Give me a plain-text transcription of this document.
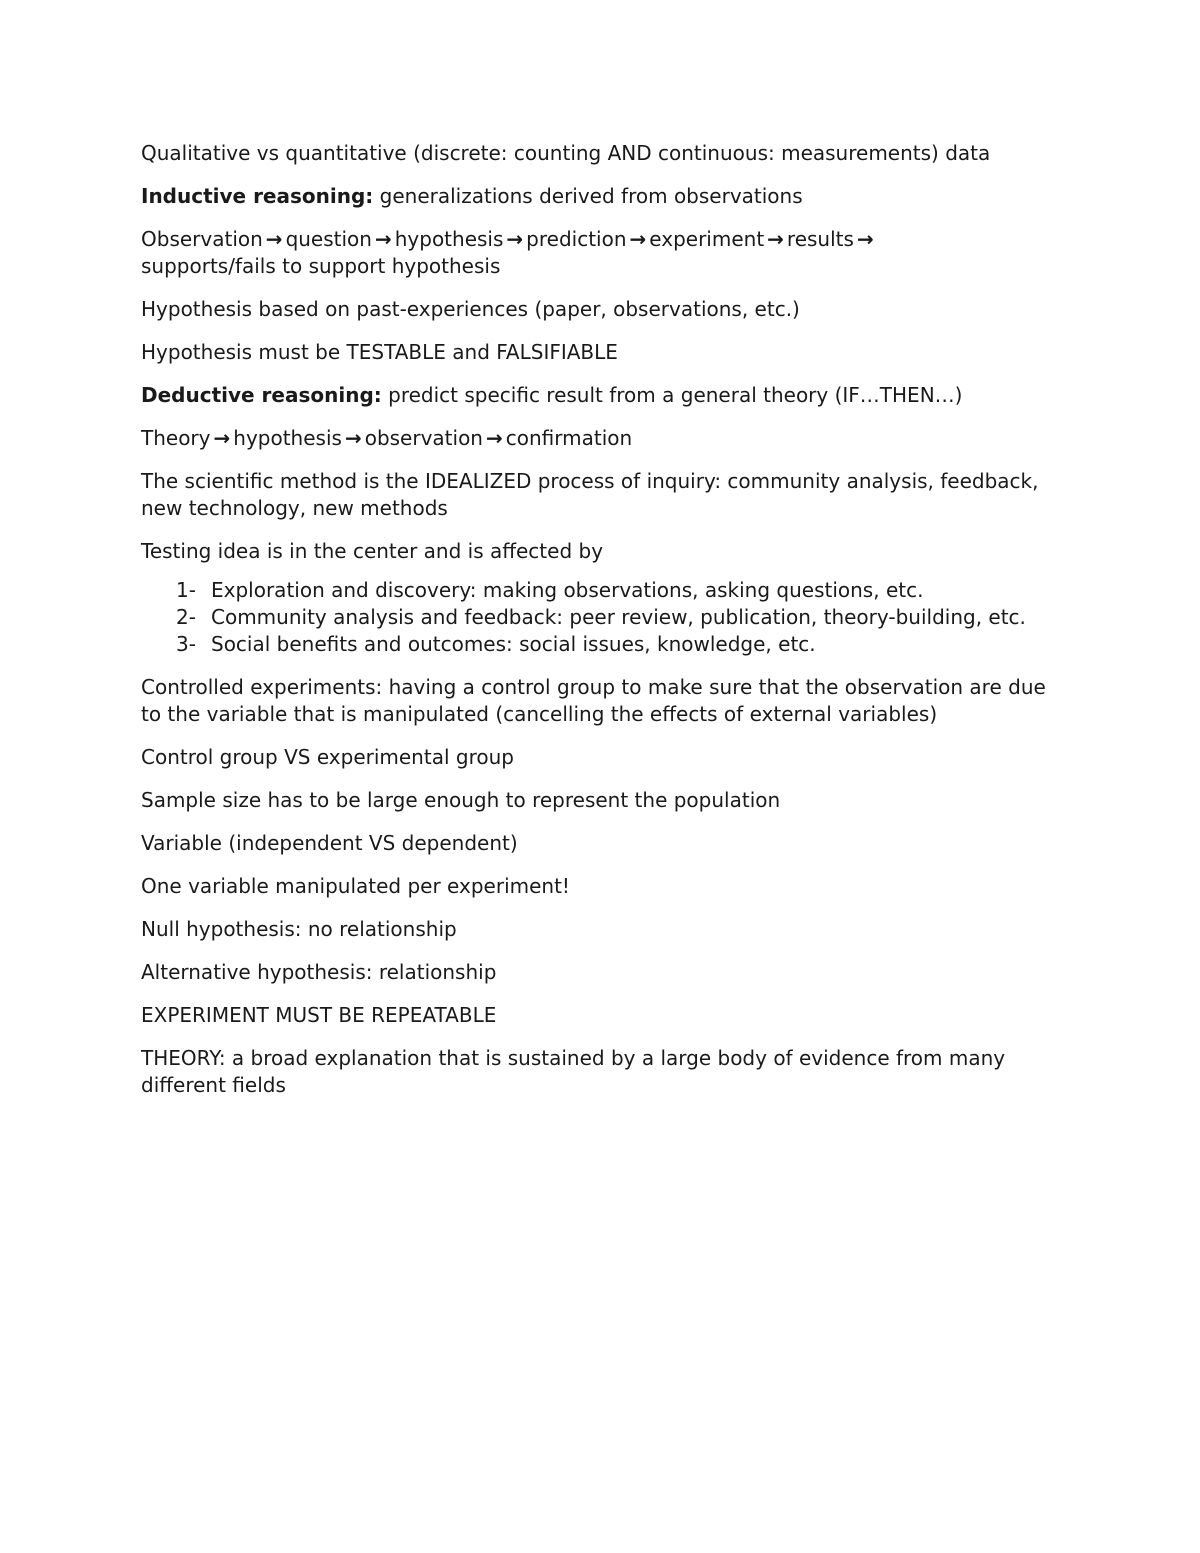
Qualitative vs quantitative (discrete: counting AND continuous: measurements) data

Inductive reasoning: generalizations derived from observations

Observation → question → hypothesis → prediction → experiment → results →
supports/fails to support hypothesis

Hypothesis based on past-experiences (paper, observations, etc.)

Hypothesis must be TESTABLE and FALSIFIABLE

Deductive reasoning: predict specific result from a general theory (IF…THEN…)

Theory → hypothesis → observation → confirmation

The scientific method is the IDEALIZED process of inquiry: community analysis, feedback, new technology, new methods

Testing idea is in the center and is affected by

1- Exploration and discovery: making observations, asking questions, etc.
2- Community analysis and feedback: peer review, publication, theory-building, etc.
3- Social benefits and outcomes: social issues, knowledge, etc.

Controlled experiments: having a control group to make sure that the observation are due to the variable that is manipulated (cancelling the effects of external variables)

Control group VS experimental group

Sample size has to be large enough to represent the population

Variable (independent VS dependent)

One variable manipulated per experiment!

Null hypothesis: no relationship

Alternative hypothesis: relationship

EXPERIMENT MUST BE REPEATABLE

THEORY: a broad explanation that is sustained by a large body of evidence from many different fields
